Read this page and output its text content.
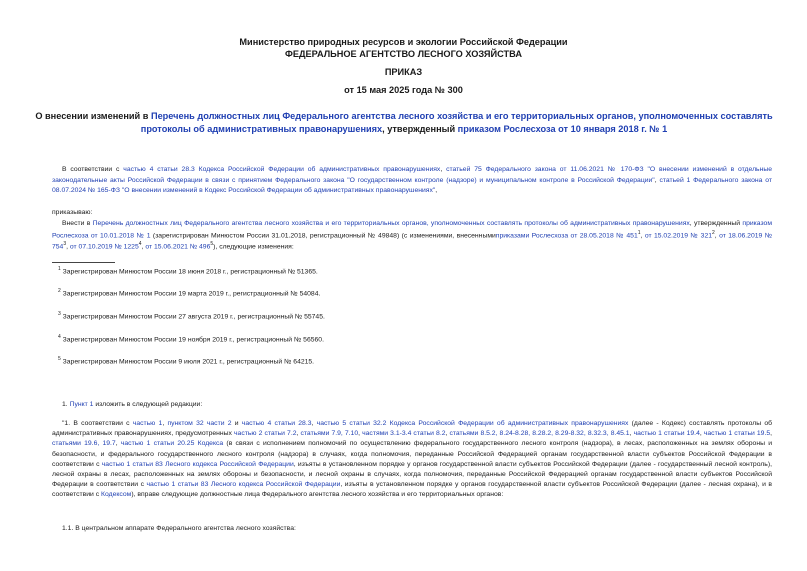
Министерство природных ресурсов и экологии Российской Федерации
ФЕДЕРАЛЬНОЕ АГЕНТСТВО ЛЕСНОГО ХОЗЯЙСТВА
ПРИКАЗ
от 15 мая 2025 года № 300
О внесении изменений в Перечень должностных лиц Федерального агентства лесного хозяйства и его территориальных органов, уполномоченных составлять протоколы об административных правонарушениях, утвержденный приказом Рослесхоза от 10 января 2018 г. № 1
В соответствии с частью 4 статьи 28.3 Кодекса Российской Федерации об административных правонарушениях, статьей 75 Федерального закона от 11.06.2021 № 170-ФЗ "О внесении изменений в отдельные законодательные акты Российской Федерации в связи с принятием Федерального закона "О государственном контроле (надзоре) и муниципальном контроле в Российской Федерации", статьей 1 Федерального закона от 08.07.2024 № 165-ФЗ "О внесении изменений в Кодекс Российской Федерации об административных правонарушениях",
приказываю:
Внести в Перечень должностных лиц Федерального агентства лесного хозяйства и его территориальных органов, уполномоченных составлять протоколы об административных правонарушениях, утвержденный приказом Рослесхоза от 10.01.2018 № 1 (зарегистрирован Минюстом России 31.01.2018, регистрационный № 49848) (с изменениями, внесеннымиприказами Рослесхоза от 28.05.2018 № $451^1$, от 15.02.2019 № $321^2$, от 18.06.2019 № $754^3$, от 07.10.2019 № 1225$^4$, от 15.06.2021 № $496^5$), следующие изменения:
$^1$ Зарегистрирован Минюстом России 18 июня 2018 г., регистрационный № 51365.
$^2$ Зарегистрирован Минюстом России 19 марта 2019 г., регистрационный № 54084.
$^3$ Зарегистрирован Минюстом России 27 августа 2019 г., регистрационный № 55745.
$^4$ Зарегистрирован Минюстом России 19 ноября 2019 г., регистрационный № 56560.
$^5$ Зарегистрирован Минюстом России 9 июля 2021 г., регистрационный № 64215.
1. Пункт 1 изложить в следующей редакции:
"1. В соответствии с частью 1, пунктом 32 части 2 и частью 4 статьи 28.3, частью 5 статьи 32.2 Кодекса Российской Федерации об административных правонарушениях (далее - Кодекс) составлять протоколы об административных правонарушениях, предусмотренных частью 2 статьи 7.2, статьями 7.9, 7.10, частями 3.1-3.4 статьи 8.2, статьями 8.5.2, 8.24-8.28, 8.28.2, 8.29-8.32, 8.32.3, 8.45.1, частью 1 статьи 19.4, частью 1 статьи 19.5, статьями 19.6, 19.7, частью 1 статьи 20.25 Кодекса (в связи с исполнением полномочий по осуществлению федерального государственного лесного контроля (надзора), в лесах, расположенных на землях обороны и безопасности, и федерального государственного лесного контроля (надзора) в случаях, когда полномочия, переданные Российской Федерацией органам государственной власти субъектов Российской Федерации в соответствии с частью 1 статьи 83 Лесного кодекса Российской Федерации, изъяты в установленном порядке у органов государственной власти субъектов Российской Федерации (далее - государственный лесной контроль), лесной охраны в лесах, расположенных на землях обороны и безопасности, и лесной охраны в случаях, когда полномочия, переданные Российской Федерацией органам государственной власти субъектов Российской Федерации в соответствии с частью 1 статьи 83 Лесного кодекса Российской Федерации, изъяты в установленном порядке у органов государственной власти субъектов Российской Федерации (далее - лесная охрана), и в соответствии с Кодексом), вправе следующие должностные лица Федерального агентства лесного хозяйства и его территориальных органов:
1.1. В центральном аппарате Федерального агентства лесного хозяйства:
